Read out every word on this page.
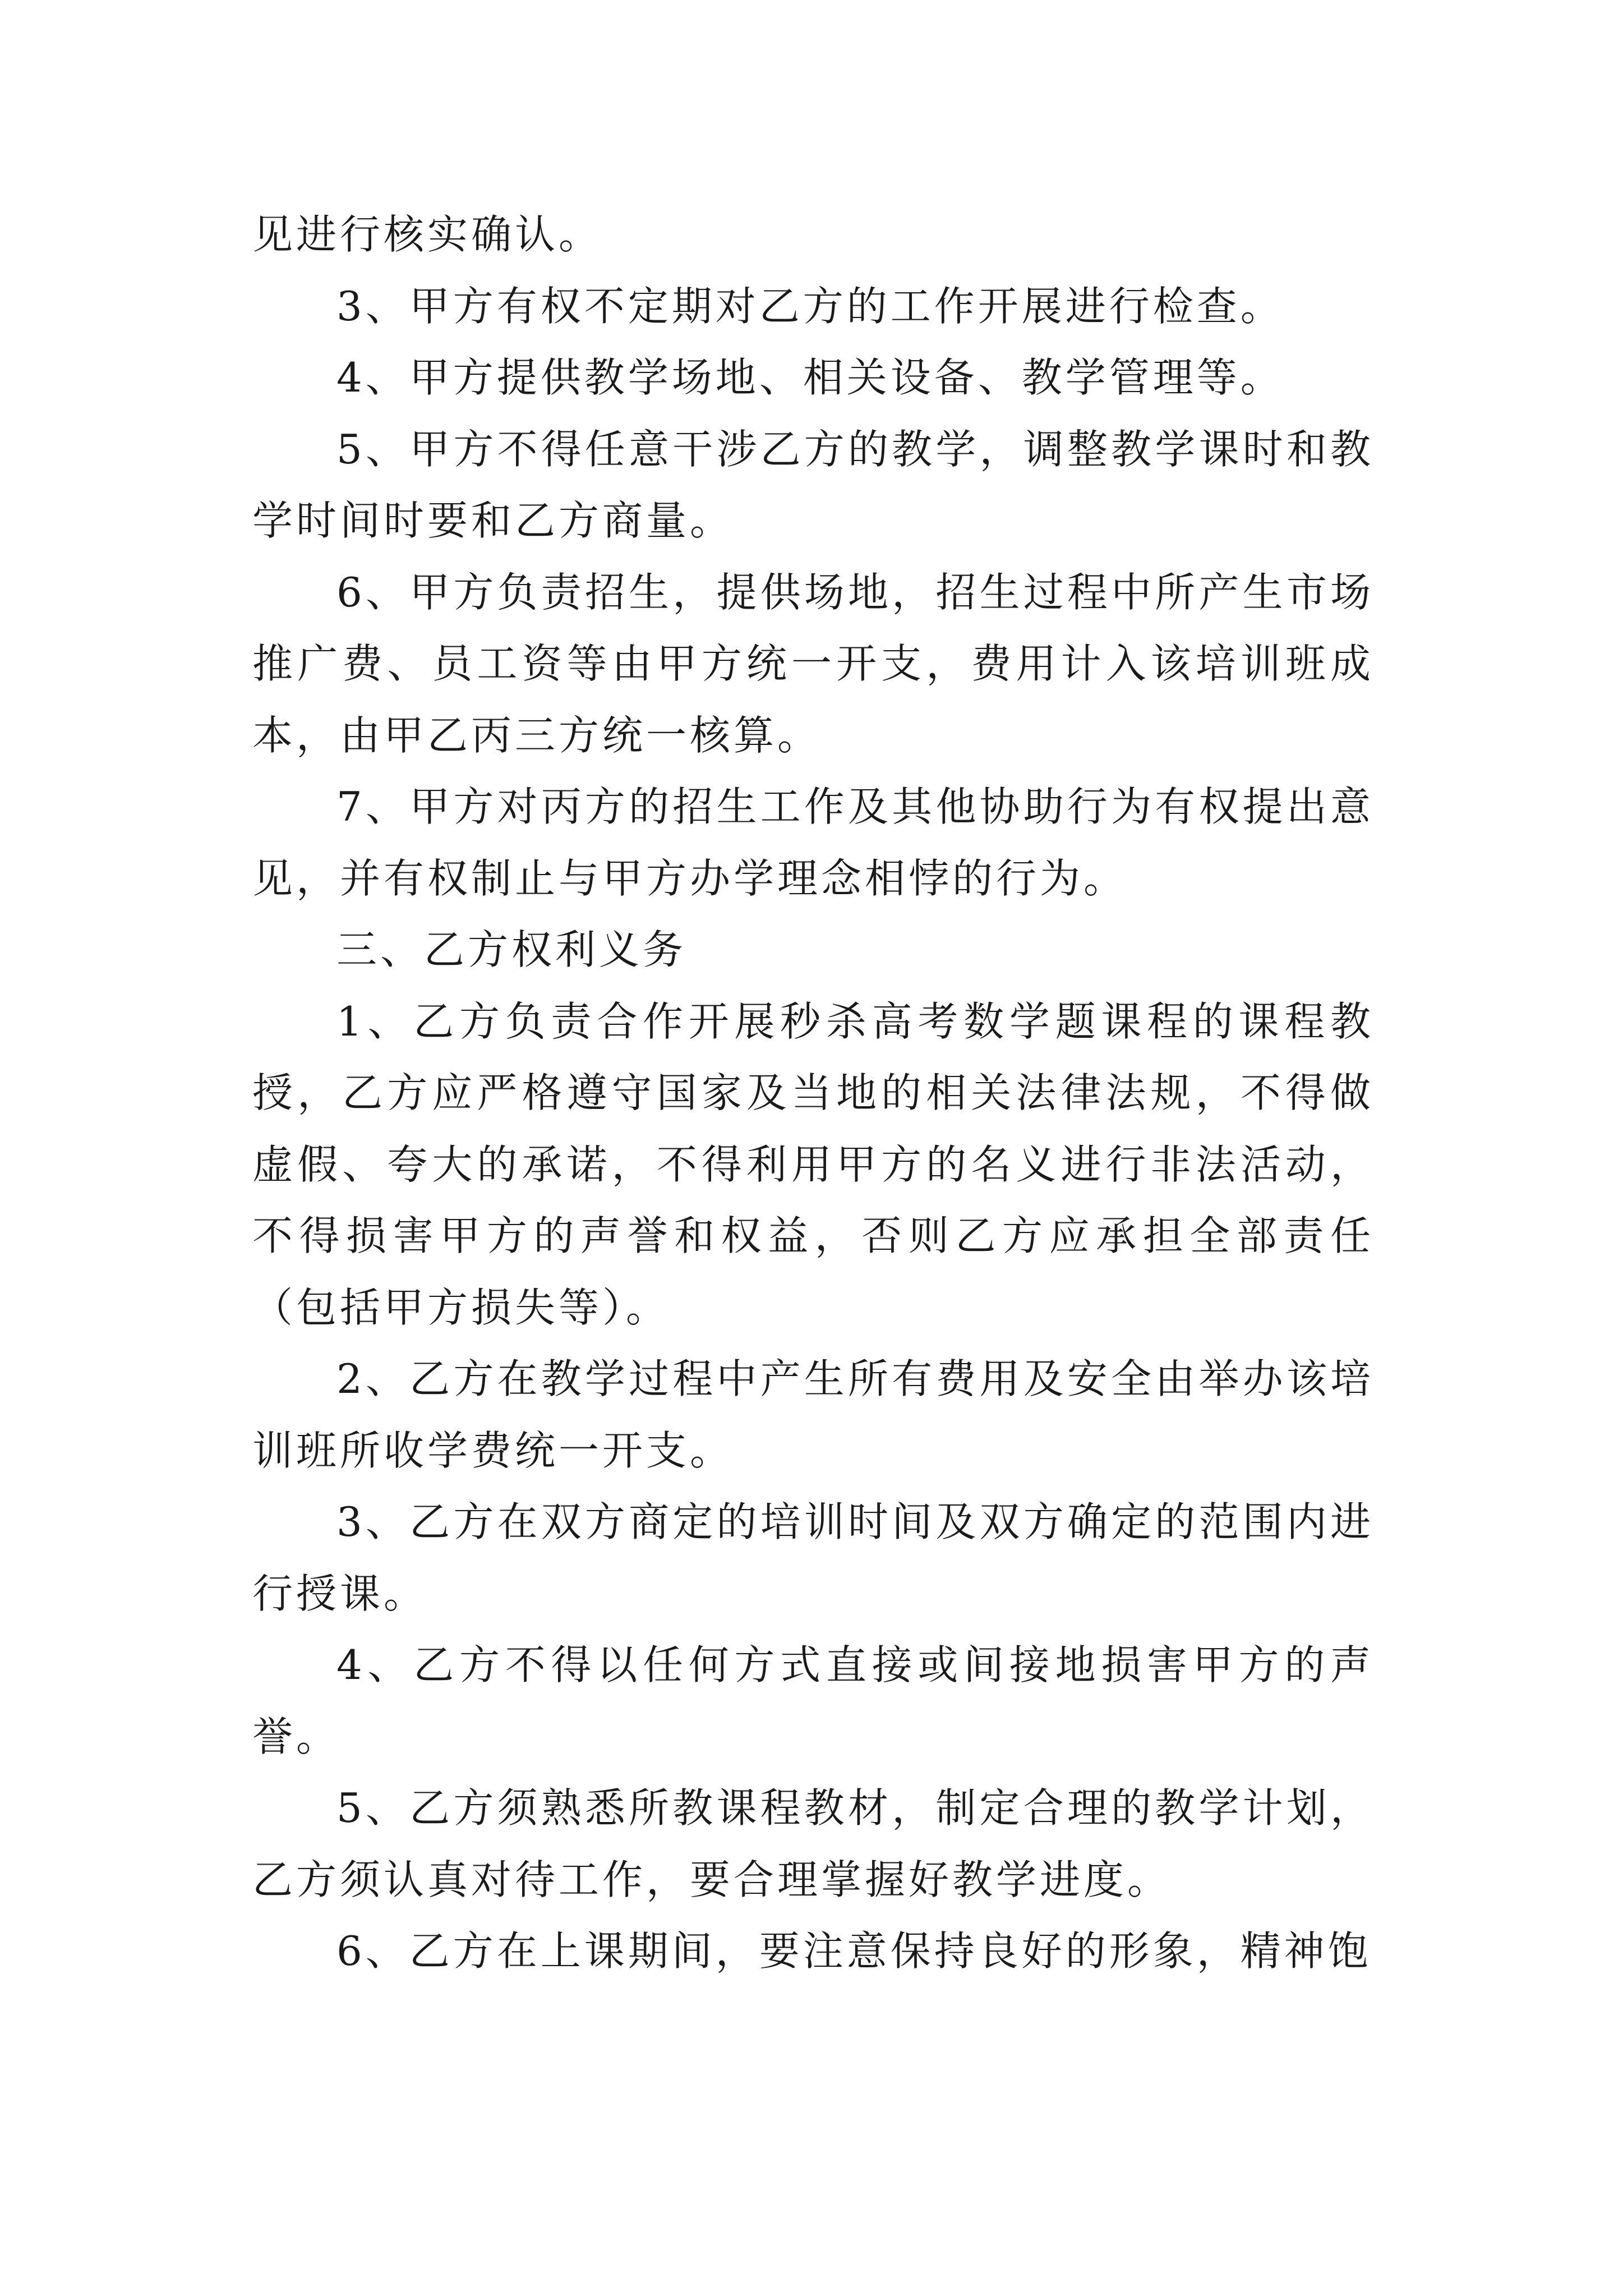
见进行核实确认。

3、甲方有权不定期对乙方的工作开展进行检查。

4、甲方提供教学场地、相关设备、教学管理等。

5、甲方不得任意干涉乙方的教学，调整教学课时和教学时间时要和乙方商量。

6、甲方负责招生，提供场地，招生过程中所产生市场推广费、员工资等由甲方统一开支，费用计入该培训班成本，由甲乙丙三方统一核算。

7、甲方对丙方的招生工作及其他协助行为有权提出意见，并有权制止与甲方办学理念相悖的行为。

三、乙方权利义务

1、乙方负责合作开展秒杀高考数学题课程的课程教授，乙方应严格遵守国家及当地的相关法律法规，不得做虚假、夸大的承诺，不得利用甲方的名义进行非法活动，不得损害甲方的声誉和权益，否则乙方应承担全部责任（包括甲方损失等）。

2、乙方在教学过程中产生所有费用及安全由举办该培训班所收学费统一开支。

3、乙方在双方商定的培训时间及双方确定的范围内进行授课。

4、乙方不得以任何方式直接或间接地损害甲方的声誉。

5、乙方须熟悉所教课程教材，制定合理的教学计划，乙方须认真对待工作，要合理掌握好教学进度。

6、乙方在上课期间，要注意保持良好的形象，精神饱
